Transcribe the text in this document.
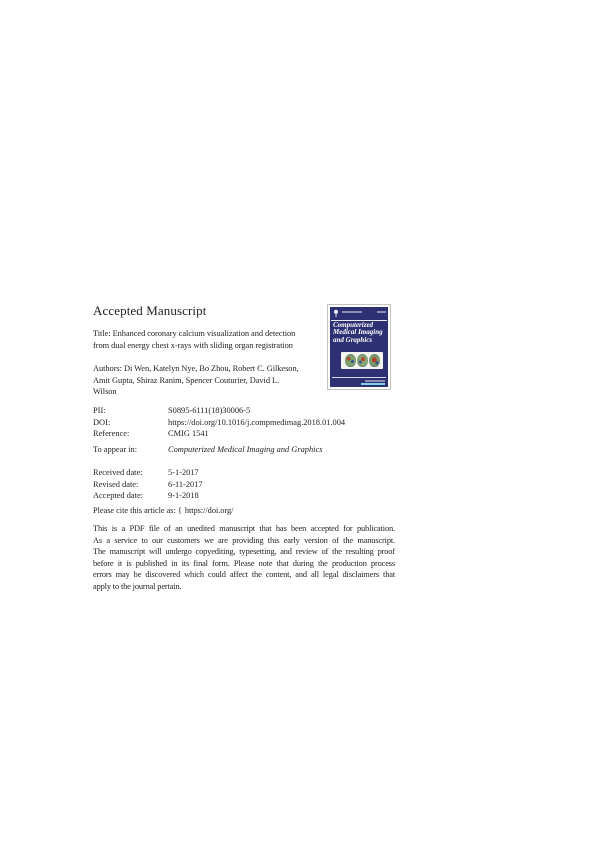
Accepted Manuscript
Computerized
Medical Imaging
and Graphics
Title: Enhanced coronary calcium visualization and detection
from dual energy chest x-rays with sliding organ registration
Authors: Di Wen, Katelyn Nye, Bo Zhou, Robert C. Gilkeson,
Amit Gupta, Shiraz Ranim, Spencer Couturier, David L.
Wilson
PII:	S0895-6111(18)30006-5
DOI:	https://doi.org/10.1016/j.compmedimag.2018.01.004
Reference:	CMIG 1541
To appear in:	Computerized Medical Imaging and Graphics
Received date:	5-1-2017
Revised date:	6-11-2017
Accepted date:	9-1-2018
Please cite this article as: { https://doi.org/
This is a PDF file of an unedited manuscript that has been accepted for publication.
As a service to our customers we are providing this early version of the manuscript.
The manuscript will undergo copyediting, typesetting, and review of the resulting proof
before it is published in its final form. Please note that during the production process
errors may be discovered which could affect the content, and all legal disclaimers that
apply to the journal pertain.
